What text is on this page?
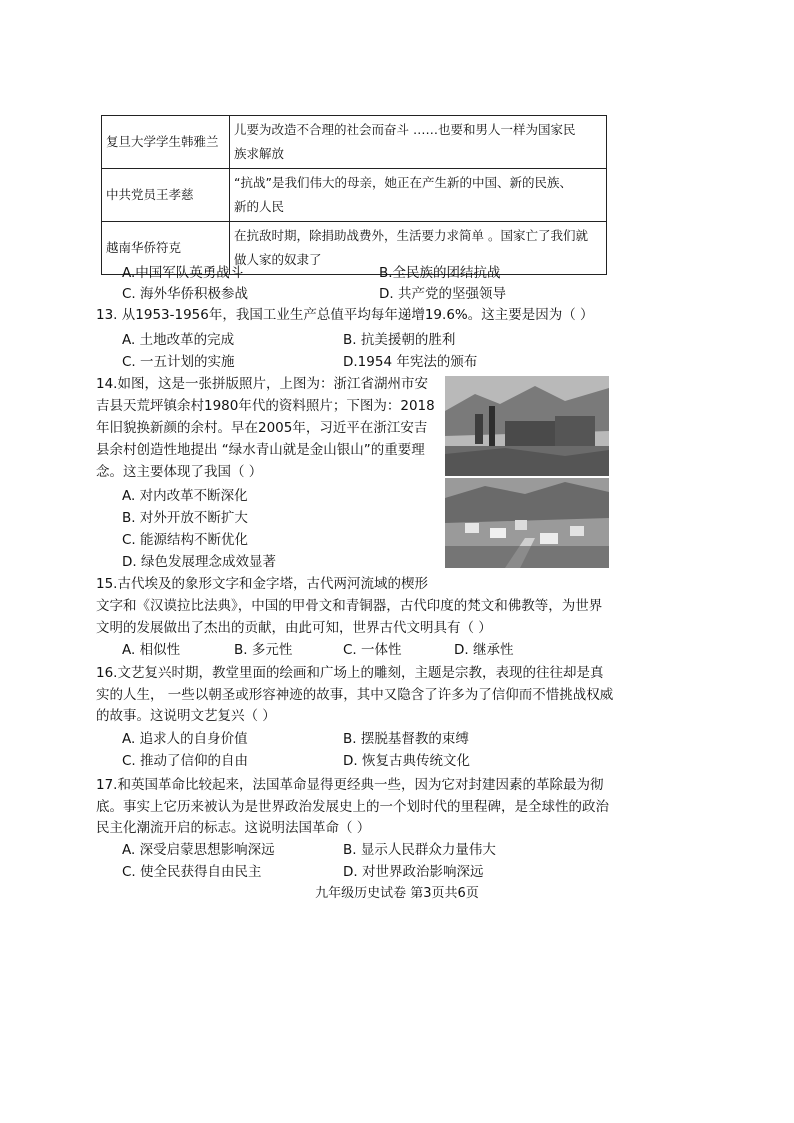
复旦大学学生韩雅兰	儿要为改造不合理的社会而奋斗 ……也要和男人一样为国家民
族求解放
中共党员王孝慈	“抗战”是我们伟大的母亲，她正在产生新的中国、新的民族、
新的人民
越南华侨符克	在抗敌时期，除捐助战费外，生活要力求简单 。国家亡了我们就
做人家的奴隶了
A.中国军队英勇战斗	B.全民族的团结抗战
C. 海外华侨积极参战	D. 共产党的坚强领导
13. 从1953-1956年，我国工业生产总值平均每年递增19.6%。这主要是因为（ ）
A. 土地改革的完成	B. 抗美援朝的胜利
C. 一五计划的实施	D.1954 年宪法的颁布
14.如图，这是一张拼版照片，上图为：浙江省湖州市安
吉县天荒坪镇余村1980年代的资料照片；下图为：2018
年旧貌换新颜的余村。早在2005年，习近平在浙江安吉
县余村创造性地提出 “绿水青山就是金山银山”的重要理
念。这主要体现了我国（ ）
A. 对内改革不断深化
B. 对外开放不断扩大
C. 能源结构不断优化
D. 绿色发展理念成效显著
15.古代埃及的象形文字和金字塔，古代两河流域的楔形
文字和《汉谟拉比法典》，中国的甲骨文和青铜器，古代印度的梵文和佛教等，为世界
文明的发展做出了杰出的贡献，由此可知，世界古代文明具有（ ）
A. 相似性	B. 多元性	C. 一体性	D. 继承性
16.文艺复兴时期，教堂里面的绘画和广场上的雕刻，主题是宗教，表现的往往却是真
实的人生， 一些以朝圣或形容神迹的故事，其中又隐含了许多为了信仰而不惜挑战权威
的故事。这说明文艺复兴（ ）
A. 追求人的自身价值	B. 摆脱基督教的束缚
C. 推动了信仰的自由	D. 恢复古典传统文化
17.和英国革命比较起来，法国革命显得更经典一些，因为它对封建因素的革除最为彻
底。事实上它历来被认为是世界政治发展史上的一个划时代的里程碑，是全球性的政治
民主化潮流开启的标志。这说明法国革命（ ）
A. 深受启蒙思想影响深远	B. 显示人民群众力量伟大
C. 使全民获得自由民主	D. 对世界政治影响深远
九年级历史试卷 第3页共6页
